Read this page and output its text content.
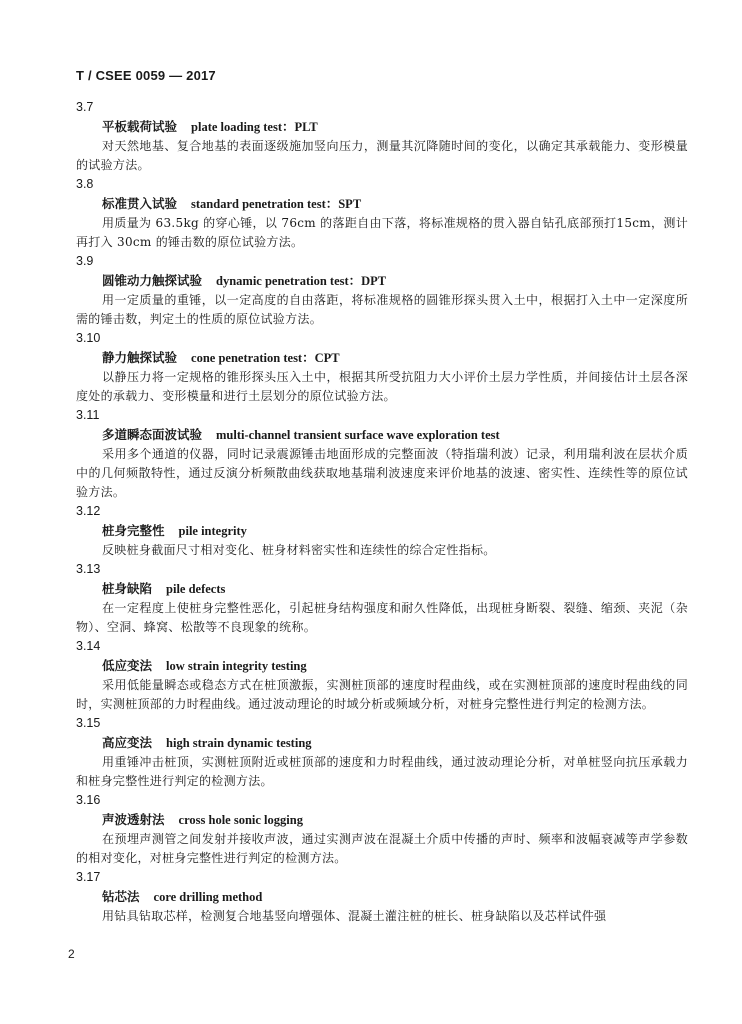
T / CSEE 0059 — 2017
3.7
平板载荷试验 plate loading test：PLT
对天然地基、复合地基的表面逐级施加竖向压力，测量其沉降随时间的变化，以确定其承载能力、变形模量的试验方法。
3.8
标准贯入试验 standard penetration test：SPT
用质量为 63.5kg 的穿心锤，以 76cm 的落距自由下落，将标准规格的贯入器自钻孔底部预打15cm，测计再打入 30cm 的锤击数的原位试验方法。
3.9
圆锥动力触探试验 dynamic penetration test：DPT
用一定质量的重锤，以一定高度的自由落距，将标准规格的圆锥形探头贯入土中，根据打入土中一定深度所需的锤击数，判定土的性质的原位试验方法。
3.10
静力触探试验 cone penetration test：CPT
以静压力将一定规格的锥形探头压入土中，根据其所受抗阻力大小评价土层力学性质，并间接估计土层各深度处的承载力、变形模量和进行土层划分的原位试验方法。
3.11
多道瞬态面波试验 multi-channel transient surface wave exploration test
采用多个通道的仪器，同时记录震源锤击地面形成的完整面波（特指瑞利波）记录，利用瑞利波在层状介质中的几何频散特性，通过反演分析频散曲线获取地基瑞利波速度来评价地基的波速、密实性、连续性等的原位试验方法。
3.12
桩身完整性 pile integrity
反映桩身截面尺寸相对变化、桩身材料密实性和连续性的综合定性指标。
3.13
桩身缺陷 pile defects
在一定程度上使桩身完整性恶化，引起桩身结构强度和耐久性降低，出现桩身断裂、裂缝、缩颈、夹泥（杂物）、空洞、蜂窝、松散等不良现象的统称。
3.14
低应变法 low strain integrity testing
采用低能量瞬态或稳态方式在桩顶激振，实测桩顶部的速度时程曲线，或在实测桩顶部的速度时程曲线的同时，实测桩顶部的力时程曲线。通过波动理论的时域分析或频域分析，对桩身完整性进行判定的检测方法。
3.15
高应变法 high strain dynamic testing
用重锤冲击桩顶，实测桩顶附近或桩顶部的速度和力时程曲线，通过波动理论分析，对单桩竖向抗压承载力和桩身完整性进行判定的检测方法。
3.16
声波透射法 cross hole sonic logging
在预埋声测管之间发射并接收声波，通过实测声波在混凝土介质中传播的声时、频率和波幅衰减等声学参数的相对变化，对桩身完整性进行判定的检测方法。
3.17
钻芯法 core drilling method
用钻具钻取芯样，检测复合地基竖向增强体、混凝土灌注桩的桩长、桩身缺陷以及芯样试件强
2
